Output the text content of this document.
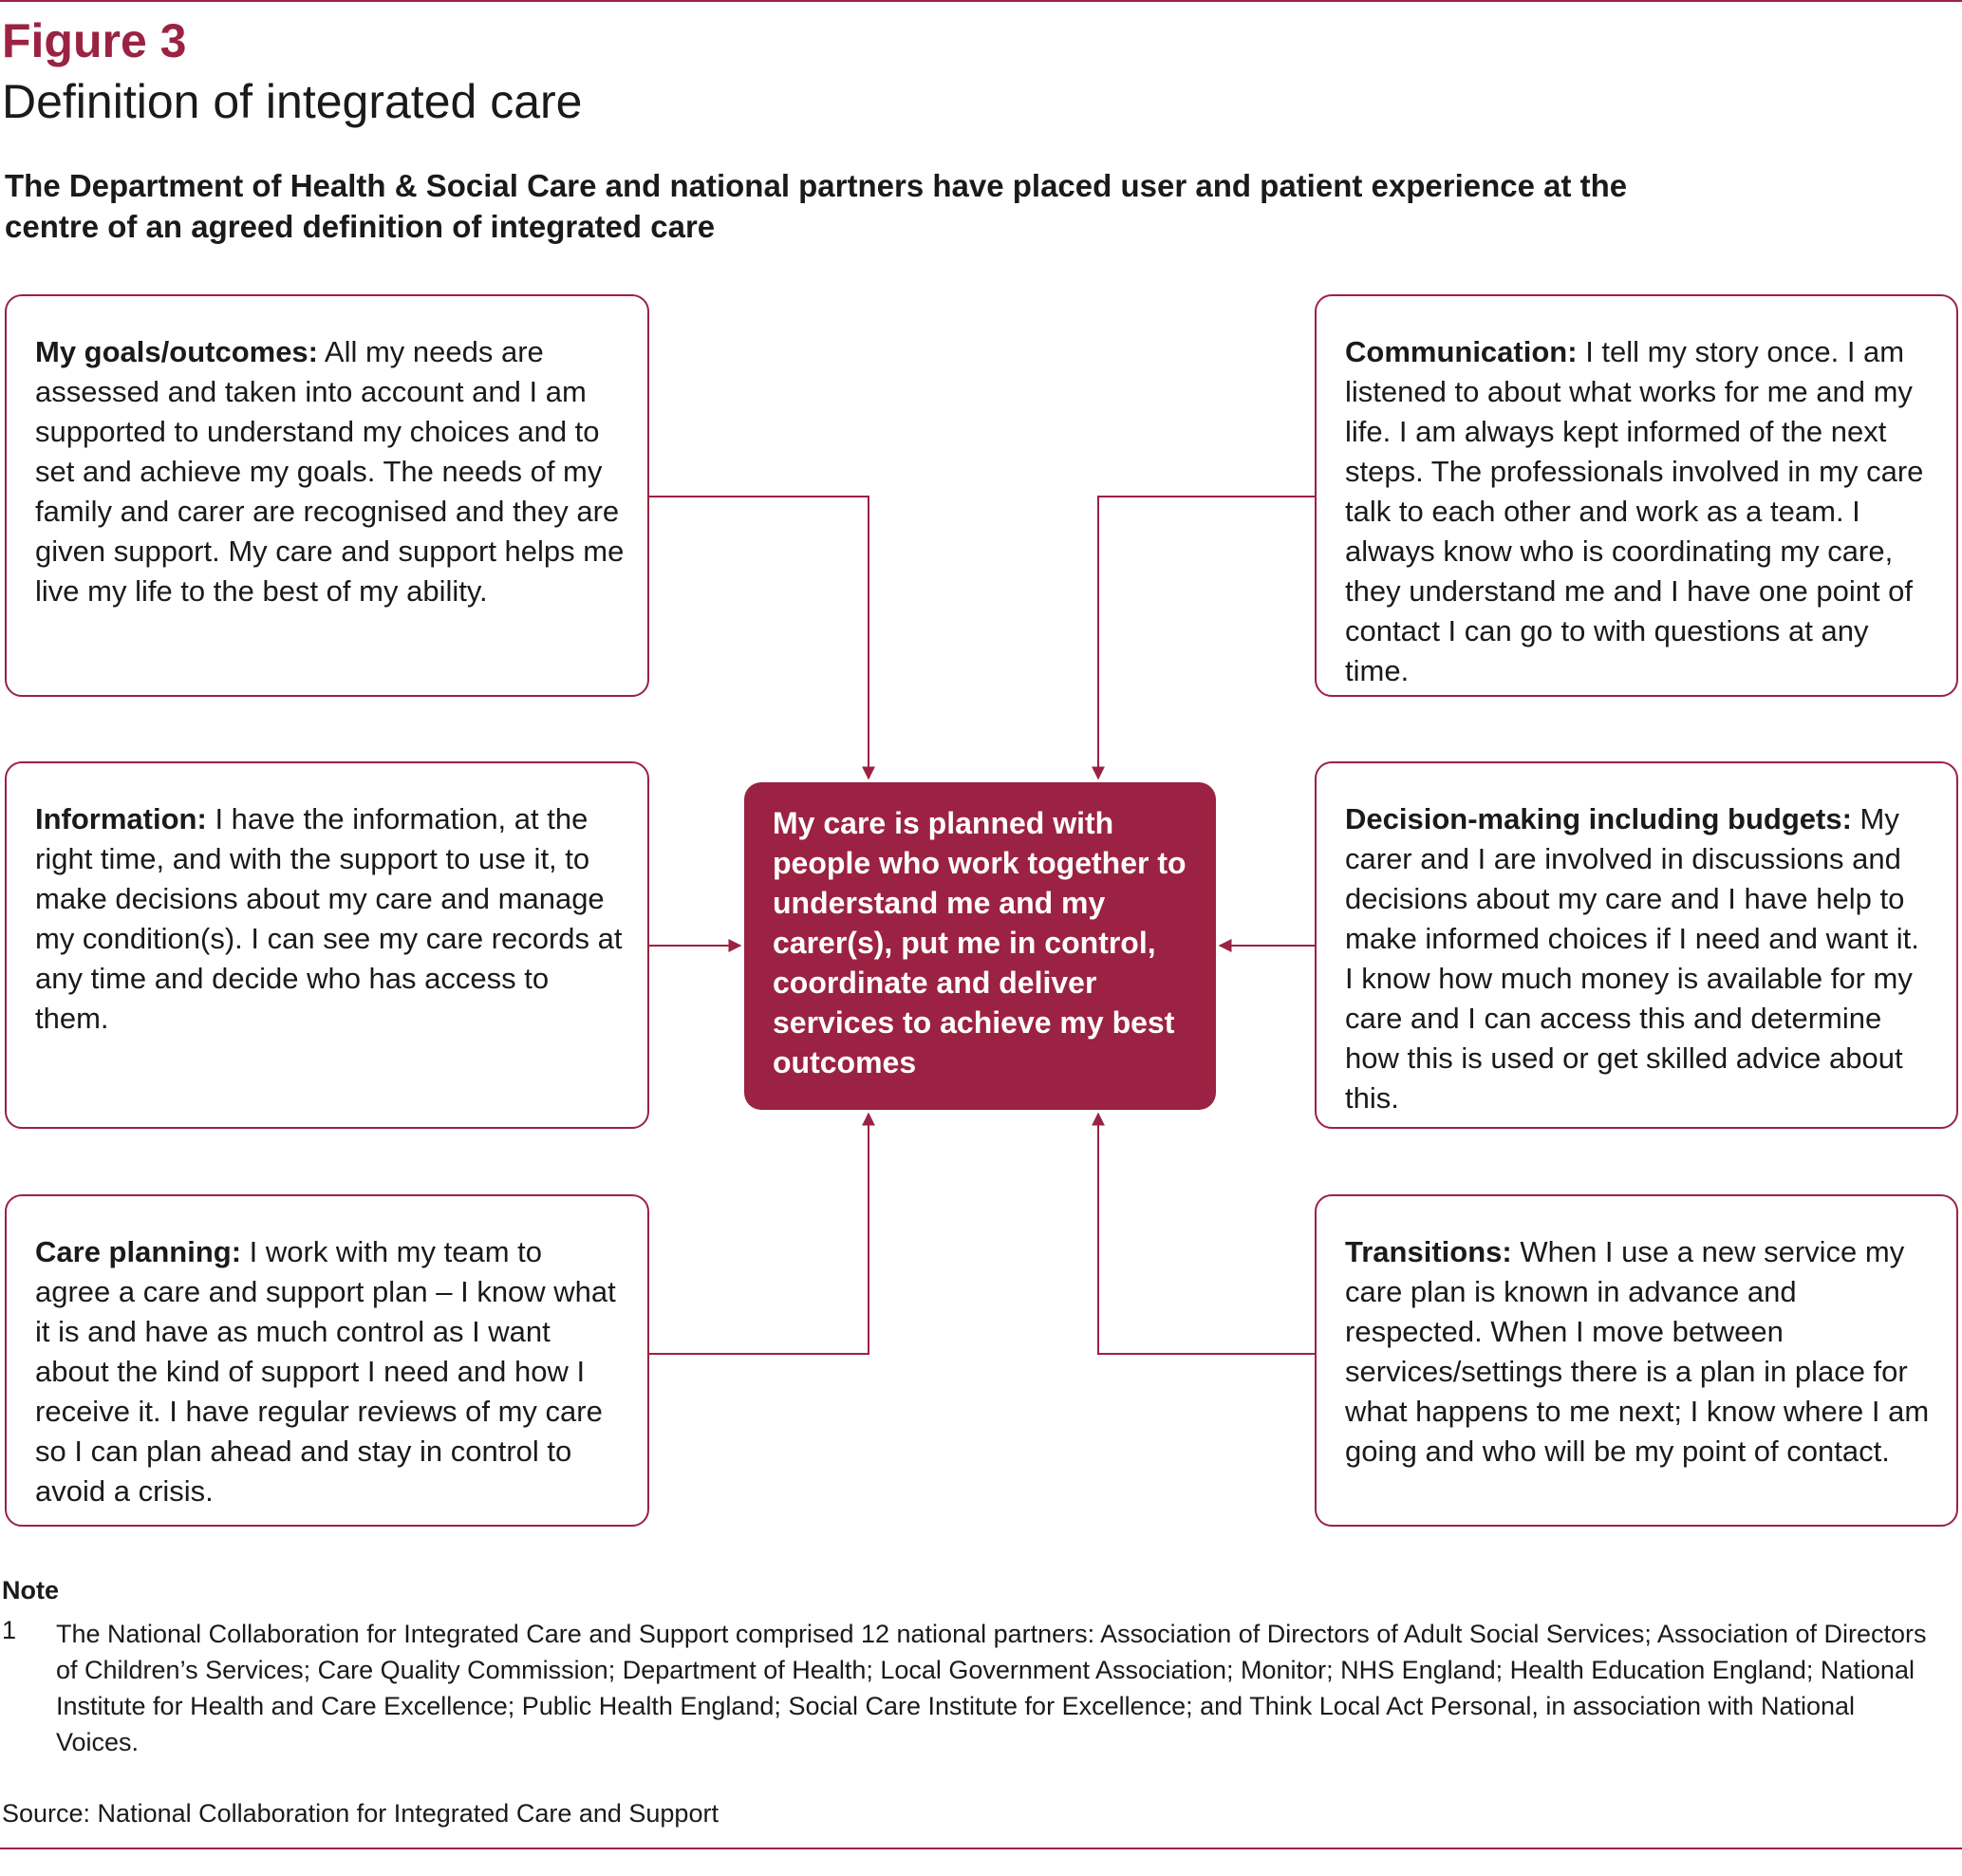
Figure 3
Definition of integrated care
The Department of Health & Social Care and national partners have placed user and patient experience at the centre of an agreed definition of integrated care
My goals/outcomes: All my needs are assessed and taken into account and I am supported to understand my choices and to set and achieve my goals. The needs of my family and carer are recognised and they are given support. My care and support helps me live my life to the best of my ability.
Communication: I tell my story once. I am listened to about what works for me and my life. I am always kept informed of the next steps. The professionals involved in my care talk to each other and work as a team. I always know who is coordinating my care, they understand me and I have one point of contact I can go to with questions at any time.
Information: I have the information, at the right time, and with the support to use it, to make decisions about my care and manage my condition(s). I can see my care records at any time and decide who has access to them.
Decision-making including budgets: My carer and I are involved in discussions and decisions about my care and I have help to make informed choices if I need and want it. I know how much money is available for my care and I can access this and determine how this is used or get skilled advice about this.
Care planning: I work with my team to agree a care and support plan – I know what it is and have as much control as I want about the kind of support I need and how I receive it. I have regular reviews of my care so I can plan ahead and stay in control to avoid a crisis.
Transitions: When I use a new service my care plan is known in advance and respected. When I move between services/settings there is a plan in place for what happens to me next; I know where I am going and who will be my point of contact.
My care is planned with people who work together to understand me and my carer(s), put me in control, coordinate and deliver services to achieve my best outcomes
Note
1 The National Collaboration for Integrated Care and Support comprised 12 national partners: Association of Directors of Adult Social Services; Association of Directors of Children’s Services; Care Quality Commission; Department of Health; Local Government Association; Monitor; NHS England; Health Education England; National Institute for Health and Care Excellence; Public Health England; Social Care Institute for Excellence; and Think Local Act Personal, in association with National Voices.
Source: National Collaboration for Integrated Care and Support
